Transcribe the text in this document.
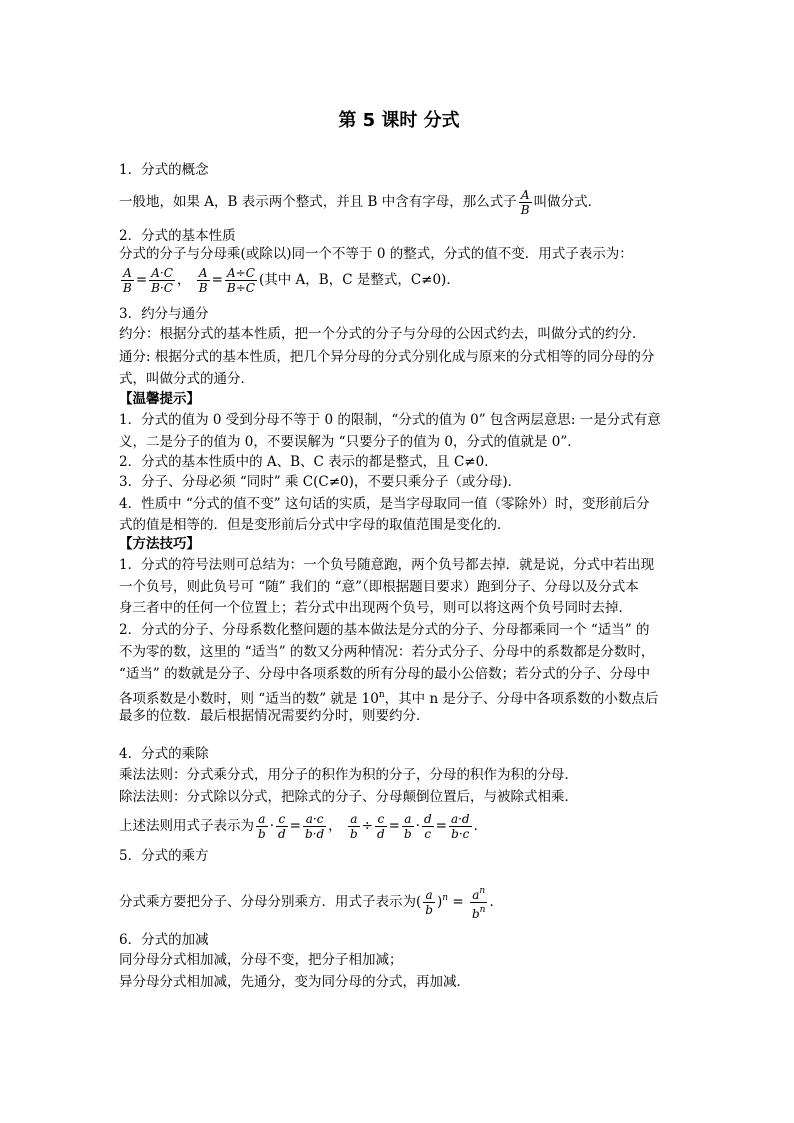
第 5 课时 分式
1．分式的概念
一般地，如果 A，B 表示两个整式，并且 B 中含有字母，那么式子 $\frac{A}{B}$ 叫做分式．
2．分式的基本性质
分式的分子与分母乘(或除以)同一个不等于 0 的整式，分式的值不变．用式子表示为：
$\frac{A}{B} = \frac{A\cdot C}{B\cdot C}$ ， $\frac{A}{B} = \frac{A\div C}{B\div C}$ (其中 A，B，C 是整式，C≠0)．
3．约分与通分
约分：根据分式的基本性质，把一个分式的分子与分母的公因式约去，叫做分式的约分．
通分: 根据分式的基本性质，把几个异分母的分式分别化成与原来的分式相等的同分母的分
式，叫做分式的通分．
【温馨提示】
1．分式的值为 0 受到分母不等于 0 的限制，“分式的值为 0” 包含两层意思: 一是分式有意
义，二是分子的值为 0，不要误解为 “只要分子的值为 0，分式的值就是 0”．
2．分式的基本性质中的 A、B、C 表示的都是整式，且 C≠0．
3．分子、分母必须 “同时” 乘 C(C≠0)，不要只乘分子（或分母)．
4．性质中 “分式的值不变” 这句话的实质，是当字母取同一值（零除外）时，变形前后分
式的值是相等的．但是变形前后分式中字母的取值范围是变化的．
【方法技巧】
1．分式的符号法则可总结为：一个负号随意跑，两个负号都去掉．就是说，分式中若出现
一个负号，则此负号可 “随” 我们的 “意”（即根据题目要求）跑到分子、分母以及分式本
身三者中的任何一个位置上；若分式中出现两个负号，则可以将这两个负号同时去掉．
2．分式的分子、分母系数化整问题的基本做法是分式的分子、分母都乘同一个 “适当” 的
不为零的数，这里的 “适当” 的数又分两种情况：若分式分子、分母中的系数都是分数时，
“适当” 的数就是分子、分母中各项系数的所有分母的最小公倍数；若分式的分子、分母中
各项系数是小数时，则 “适当的数” 就是 10$^n$，其中 n 是分子、分母中各项系数的小数点后
最多的位数．最后根据情况需要约分时，则要约分．
4．分式的乘除
乘法法则：分式乘分式，用分子的积作为积的分子，分母的积作为积的分母．
除法法则：分式除以分式，把除式的分子、分母颠倒位置后，与被除式相乘．
上述法则用式子表示为 $\frac{a}{b} \cdot \frac{c}{d} = \frac{a\cdot c}{b\cdot d}$ ， $\frac{a}{b} \div \frac{c}{d} = \frac{a}{b} \cdot \frac{d}{c} = \frac{a\cdot d}{b\cdot c}$ ．
5．分式的乘方
分式乘方要把分子、分母分别乘方．用式子表示为( $\frac{a}{b} )^n = \frac{a^n}{b^n}$ ．
6．分式的加减
同分母分式相加减，分母不变，把分子相加减；
异分母分式相加减，先通分，变为同分母的分式，再加减．
